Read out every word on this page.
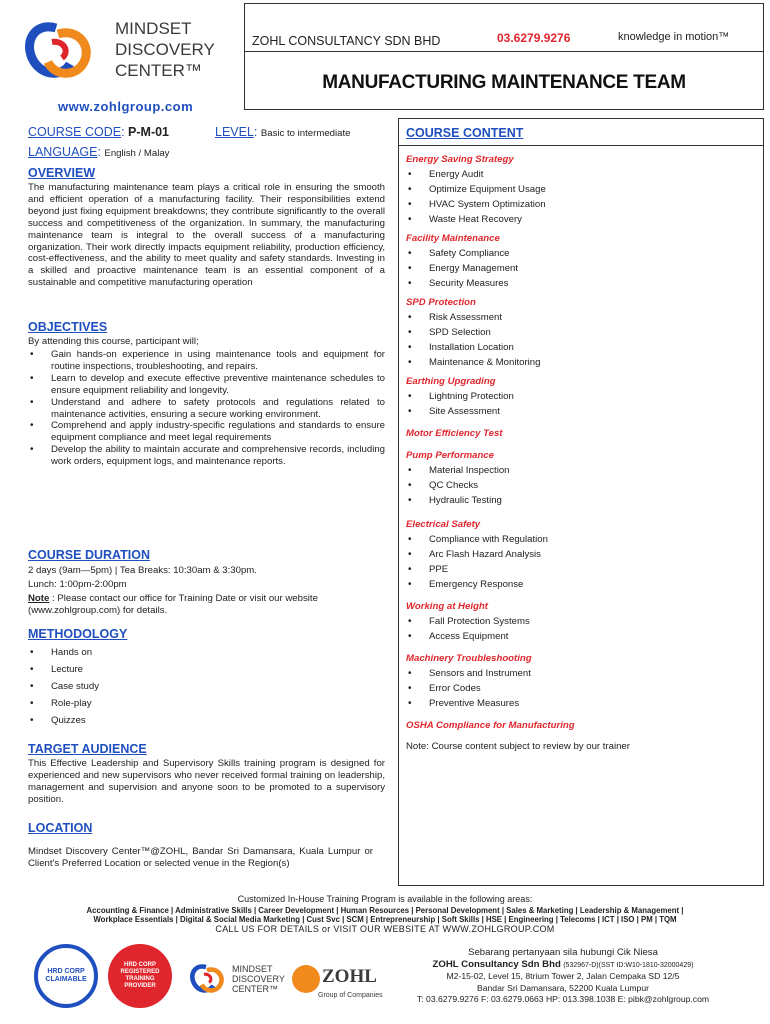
MINDSET
DISCOVERY
CENTER™
www.zohlgroup.com
ZOHL CONSULTANCY SDN BHD	03.6279.9276	knowledge in motion™
MANUFACTURING MAINTENANCE TEAM
COURSE CODE: P-M-01	LEVEL: Basic to intermediate
LANGUAGE: English / Malay
OVERVIEW
The manufacturing maintenance team plays a critical role in ensuring the smooth and efficient operation of a manufacturing facility. Their responsibilities extend beyond just fixing equipment breakdowns; they contribute significantly to the overall success and competitiveness of the organization. In summary, the manufacturing maintenance team is integral to the overall success of a manufacturing organization. Their work directly impacts equipment reliability, production efficiency, cost-effectiveness, and the ability to meet quality and safety standards. Investing in a skilled and proactive maintenance team is an essential component of a sustainable and competitive manufacturing operation
OBJECTIVES
By attending this course, participant will;
• Gain hands-on experience in using maintenance tools and equipment for routine inspections, troubleshooting, and repairs.
• Learn to develop and execute effective preventive maintenance schedules to ensure equipment reliability and longevity.
• Understand and adhere to safety protocols and regulations related to maintenance activities, ensuring a secure working environment.
• Comprehend and apply industry-specific regulations and standards to ensure equipment compliance and meet legal requirements
• Develop the ability to maintain accurate and comprehensive records, including work orders, equipment logs, and maintenance reports.
COURSE DURATION
2 days (9am—5pm) | Tea Breaks: 10:30am & 3:30pm.
Lunch: 1:00pm-2:00pm
Note : Please contact our office for Training Date or visit our website (www.zohlgroup.com) for details.
METHODOLOGY
• Hands on
• Lecture
• Case study
• Role-play
• Quizzes
TARGET AUDIENCE
This Effective Leadership and Supervisory Skills training program is designed for experienced and new supervisors who never received formal training on leadership, management and supervision and anyone soon to be promoted to a supervisory position.
LOCATION
Mindset Discovery Center™@ZOHL, Bandar Sri Damansara, Kuala Lumpur or Client's Preferred Location or selected venue in the Region(s)
COURSE CONTENT
Energy Saving Strategy
• Energy Audit
• Optimize Equipment Usage
• HVAC System Optimization
• Waste Heat Recovery
Facility Maintenance
• Safety Compliance
• Energy Management
• Security Measures
SPD Protection
• Risk Assessment
• SPD Selection
• Installation Location
• Maintenance & Monitoring
Earthing Upgrading
• Lightning Protection
• Site Assessment
Motor Efficiency Test
Pump Performance
• Material Inspection
• QC Checks
• Hydraulic Testing
Electrical Safety
• Compliance with Regulation
• Arc Flash Hazard Analysis
• PPE
• Emergency Response
Working at Height
• Fall Protection Systems
• Access Equipment
Machinery Troubleshooting
• Sensors and Instrument
• Error Codes
• Preventive Measures
OSHA Compliance for Manufacturing
Note: Course content subject to review by our trainer
Customized In-House Training Program is available in the following areas:
Accounting & Finance | Administrative Skills | Career Development | Human Resources | Personal Development | Sales & Marketing | Leadership & Management |
Workplace Essentials | Digital & Social Media Marketing | Cust Svc | SCM | Entrepreneurship | Soft Skills | HSE | Engineering | Telecoms | ICT | ISO | PM | TQM
CALL US FOR DETAILS or VISIT OUR WEBSITE AT WWW.ZOHLGROUP.COM
HRD CORP CLAIMABLE
HRD CORP REGISTERED TRAINING PROVIDER
MINDSET
DISCOVERY
CENTER™
ZOHL
Group of Companies
Sebarang pertanyaan sila hubungi Cik Niesa
ZOHL Consultancy Sdn Bhd (532967-D)(SST ID:W10-1810-32000429)
M2-15-02, Level 15, 8trium Tower 2, Jalan Cempaka SD 12/5
Bandar Sri Damansara, 52200 Kuala Lumpur
T: 03.6279.9276 F: 03.6279.0663 HP: 013.398.1038 E: pibk@zohlgroup.com
